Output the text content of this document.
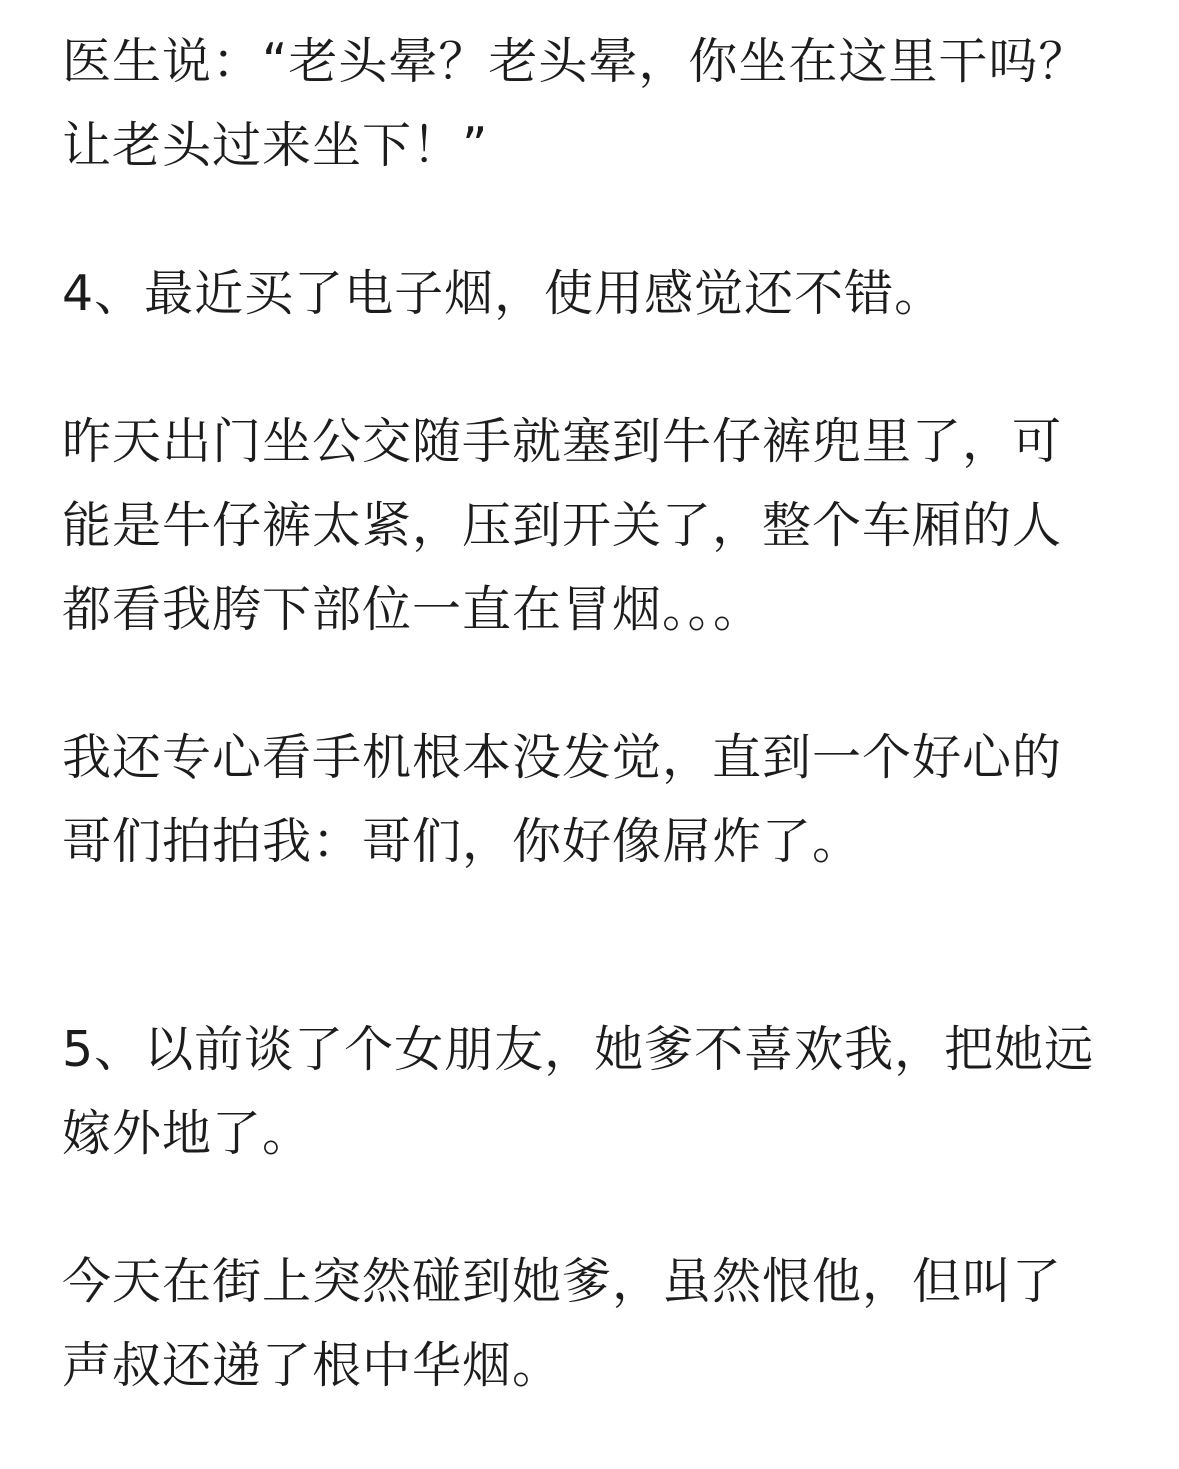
医生说：“老头晕？老头晕，你坐在这里干吗？
让老头过来坐下！”

4、最近买了电子烟，使用感觉还不错。

昨天出门坐公交随手就塞到牛仔裤兜里了，可
能是牛仔裤太紧，压到开关了，整个车厢的人
都看我胯下部位一直在冒烟。。。

我还专心看手机根本没发觉，直到一个好心的
哥们拍拍我：哥们，你好像屌炸了。

5、以前谈了个女朋友，她爹不喜欢我，把她远
嫁外地了。

今天在街上突然碰到她爹，虽然恨他，但叫了
声叔还递了根中华烟。
